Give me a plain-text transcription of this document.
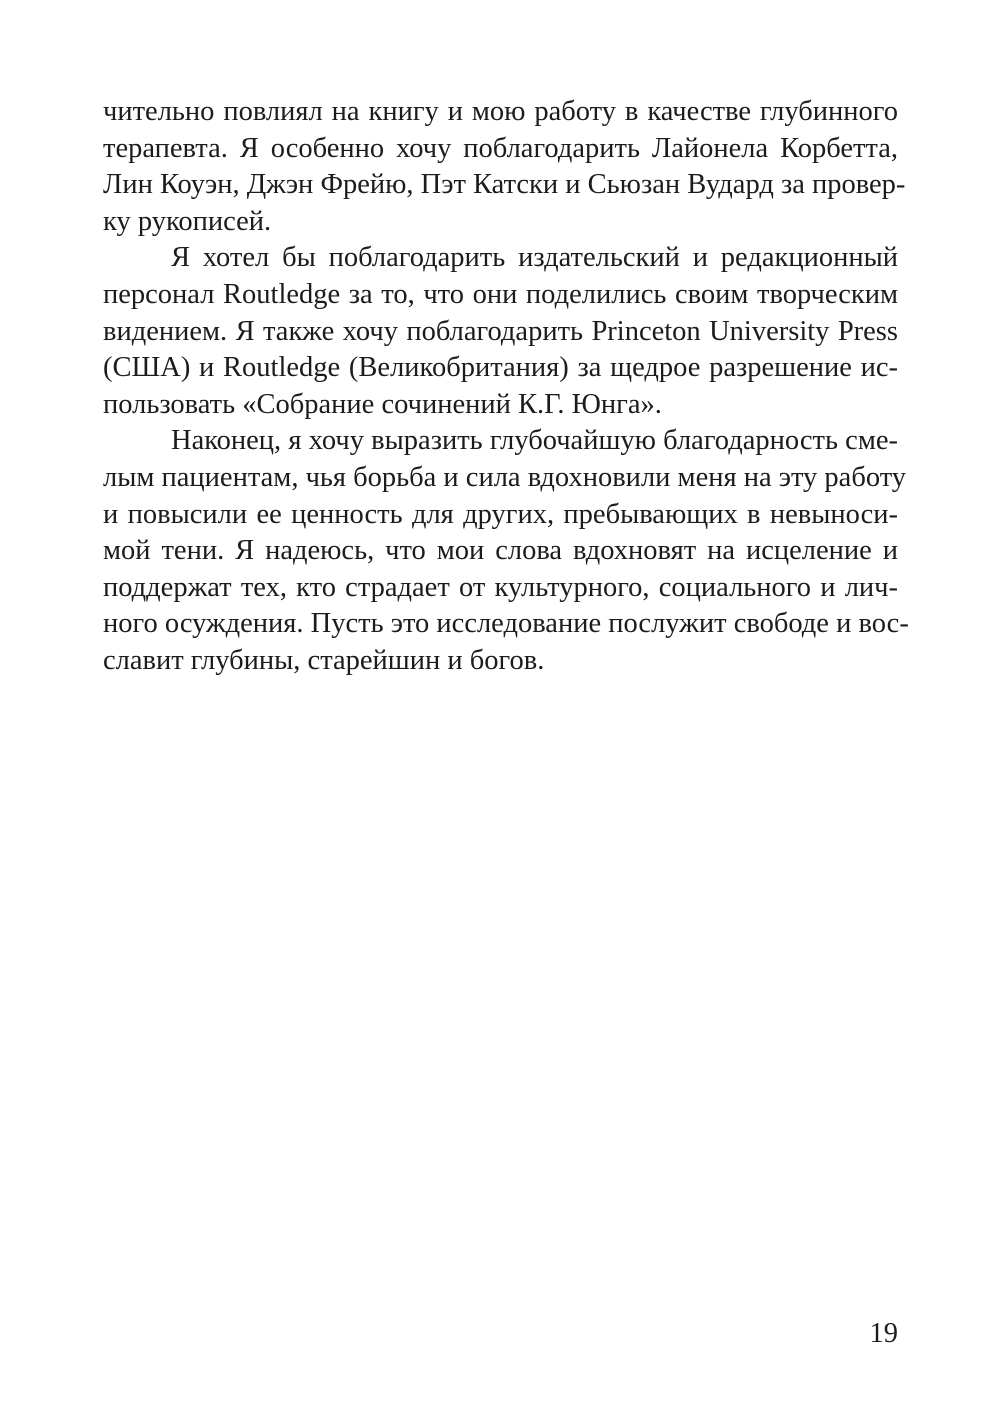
чительно повлиял на книгу и мою работу в качестве глубинного
терапевта. Я особенно хочу поблагодарить Лайонела Корбетта,
Лин Коуэн, Джэн Фрейю, Пэт Катски и Сьюзан Вудард за провер-
ку рукописей.

Я хотел бы поблагодарить издательский и редакционный
персонал Routledge за то, что они поделились своим творческим
видением. Я также хочу поблагодарить Princeton University Press
(США) и Routledge (Великобритания) за щедрое разрешение ис-
пользовать «Собрание сочинений К.Г. Юнга».

Наконец, я хочу выразить глубочайшую благодарность сме-
лым пациентам, чья борьба и сила вдохновили меня на эту работу
и повысили ее ценность для других, пребывающих в невыноси-
мой тени. Я надеюсь, что мои слова вдохновят на исцеление и
поддержат тех, кто страдает от культурного, социального и лич-
ного осуждения. Пусть это исследование послужит свободе и вос-
славит глубины, старейшин и богов.

19
